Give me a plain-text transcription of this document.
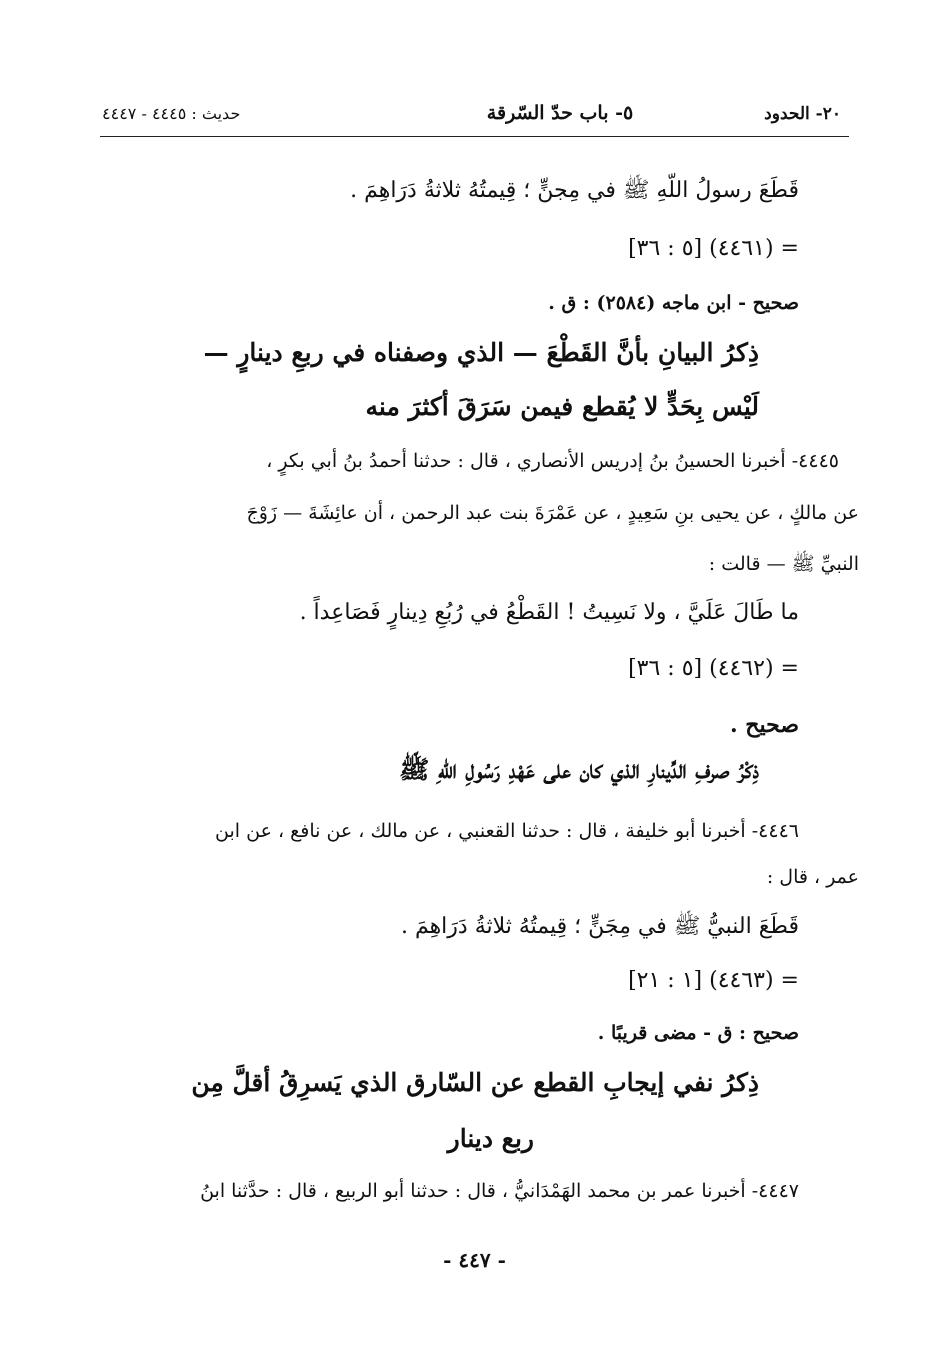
٢٠- الحدود
٥- باب حدّ السّرقة
حديث : ٤٤٤٥ - ٤٤٤٧
قَطَعَ رسولُ اللّهِ ﷺ في مِجنٍّ ؛ قِيمتُهُ ثلاثةُ دَرَاهِمَ .
= (٤٤٦١) [٥ : ٣٦]
صحيح - ابن ماجه (٢٥٨٤) : ق .
ذِكرُ البيانِ بأنَّ القَطْعَ — الذي وصفناه في ربعِ دينارٍ —
لَيْس بِحَدٍّ لا يُقطع فيمن سَرَقَ أكثرَ منه
٤٤٤٥- أخبرنا الحسينُ بنُ إدريس الأنصاري ، قال : حدثنا أحمدُ بنُ أبي بكرٍ ،
عن مالكٍ ، عن يحيى بنِ سَعِيدٍ ، عن عَمْرَةَ بنت عبد الرحمن ، أن عائِشَةَ — زَوْجَ
النبيِّ ﷺ — قالت :
ما طَالَ عَلَيَّ ، ولا نَسِيتُ ! القَطْعُ في رُبُعِ دِينارٍ فَصَاعِداً .
= (٤٤٦٢) [٥ : ٣٦]
صحيح .
ذِكْرُ صرفِ الدِّينارِ الذي كان على عَهْدِ رَسُولِ اللّهِ ﷺ
٤٤٤٦- أخبرنا أبو خليفة ، قال : حدثنا القعنبي ، عن مالك ، عن نافع ، عن ابن
عمر ، قال :
قَطَعَ النبيُّ ﷺ في مِجَنٍّ ؛ قِيمتُهُ ثلاثةُ دَرَاهِمَ .
= (٤٤٦٣) [١ : ٢١]
صحيح : ق - مضى قريبًا .
ذِكرُ نفي إيجابِ القطع عن السّارق الذي يَسرِقُ أقلَّ مِن
ربع دينار
٤٤٤٧- أخبرنا عمر بن محمد الهَمْدَانيُّ ، قال : حدثنا أبو الربيع ، قال : حدَّثنا ابنُ
- ٤٤٧ -
